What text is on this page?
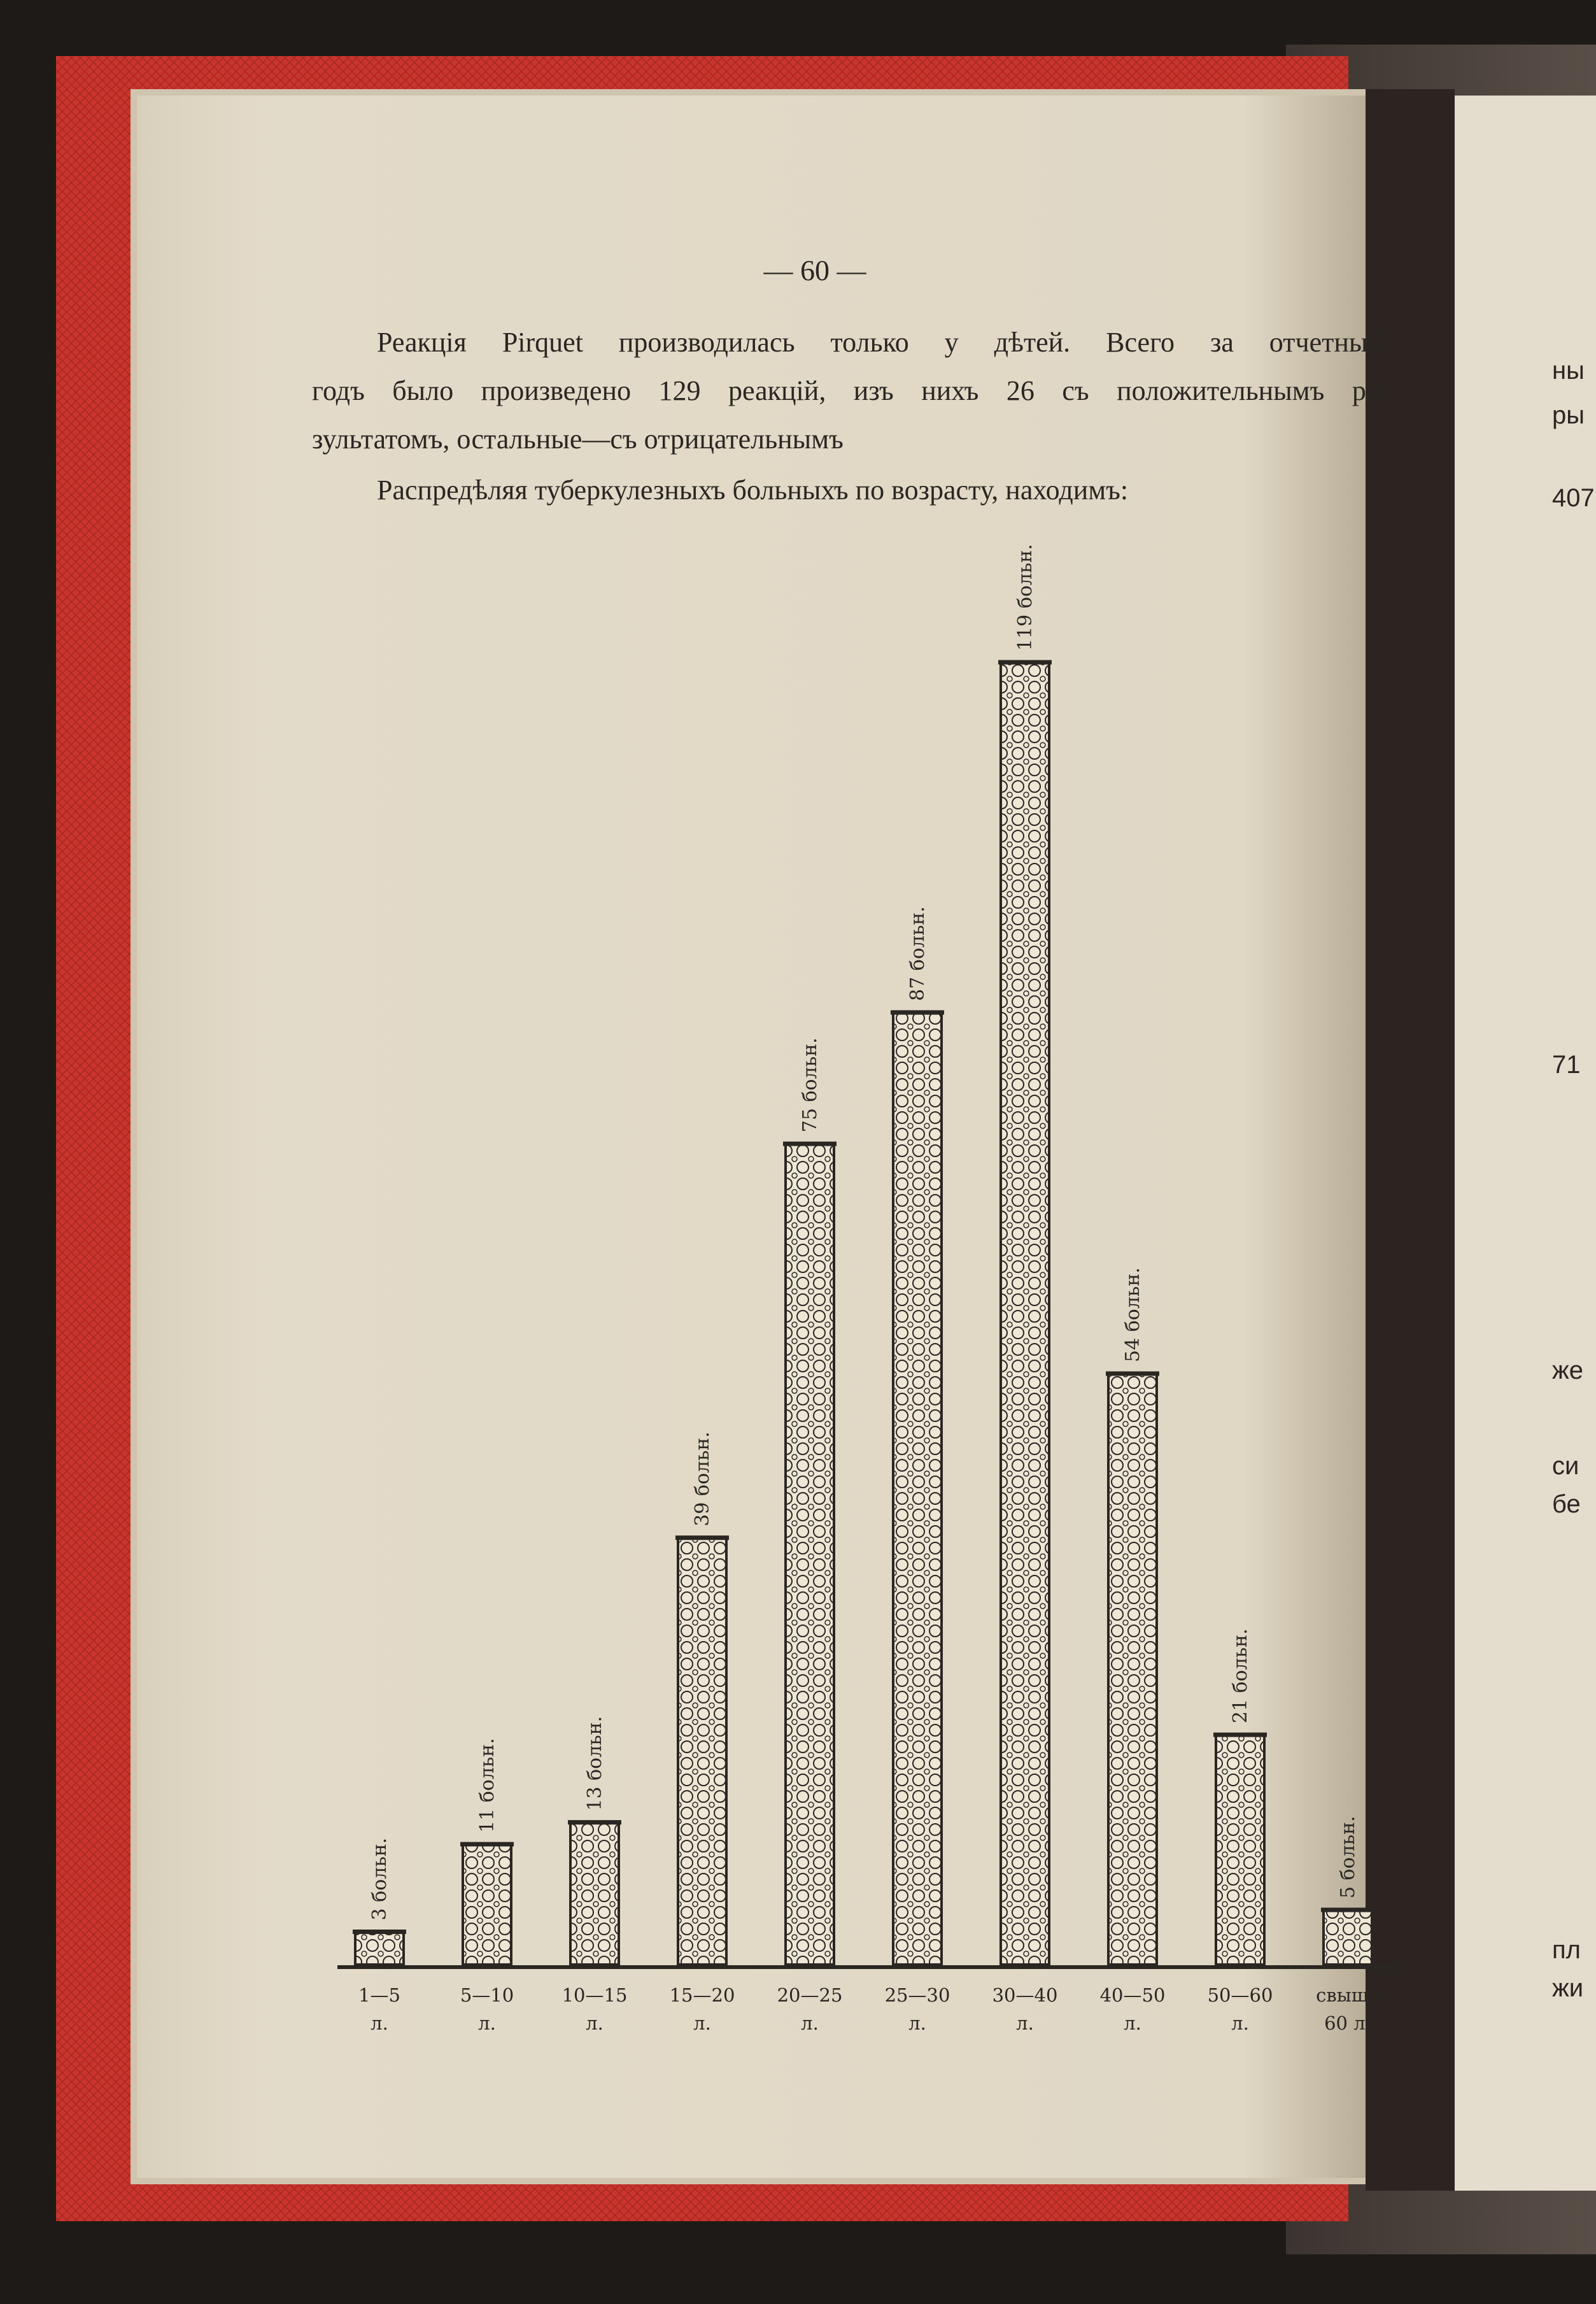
3 больн.
1—5
л.
11 больн.
5—10
л.
13 больн.
10—15
л.
39 больн.
15—20
л.
75 больн.
20—25
л.
87 больн.
25—30
л.
119 больн.
30—40
л.
54 больн.
40—50
л.
21 больн.
50—60
л.
5 больн.
свыше
60 л.
— 60 —
Реакція Pirquet производилась только у дѣтей. Всего за отчетный
годъ было произведено 129 реакцій, изъ нихъ 26 съ положительнымъ ре-
зультатомъ, остальные—съ отрицательнымъ
Распредѣляя туберкулезныхъ больныхъ по возрасту, находимъ:
ны
ры
407
71
же
си
бе
пл
жи
